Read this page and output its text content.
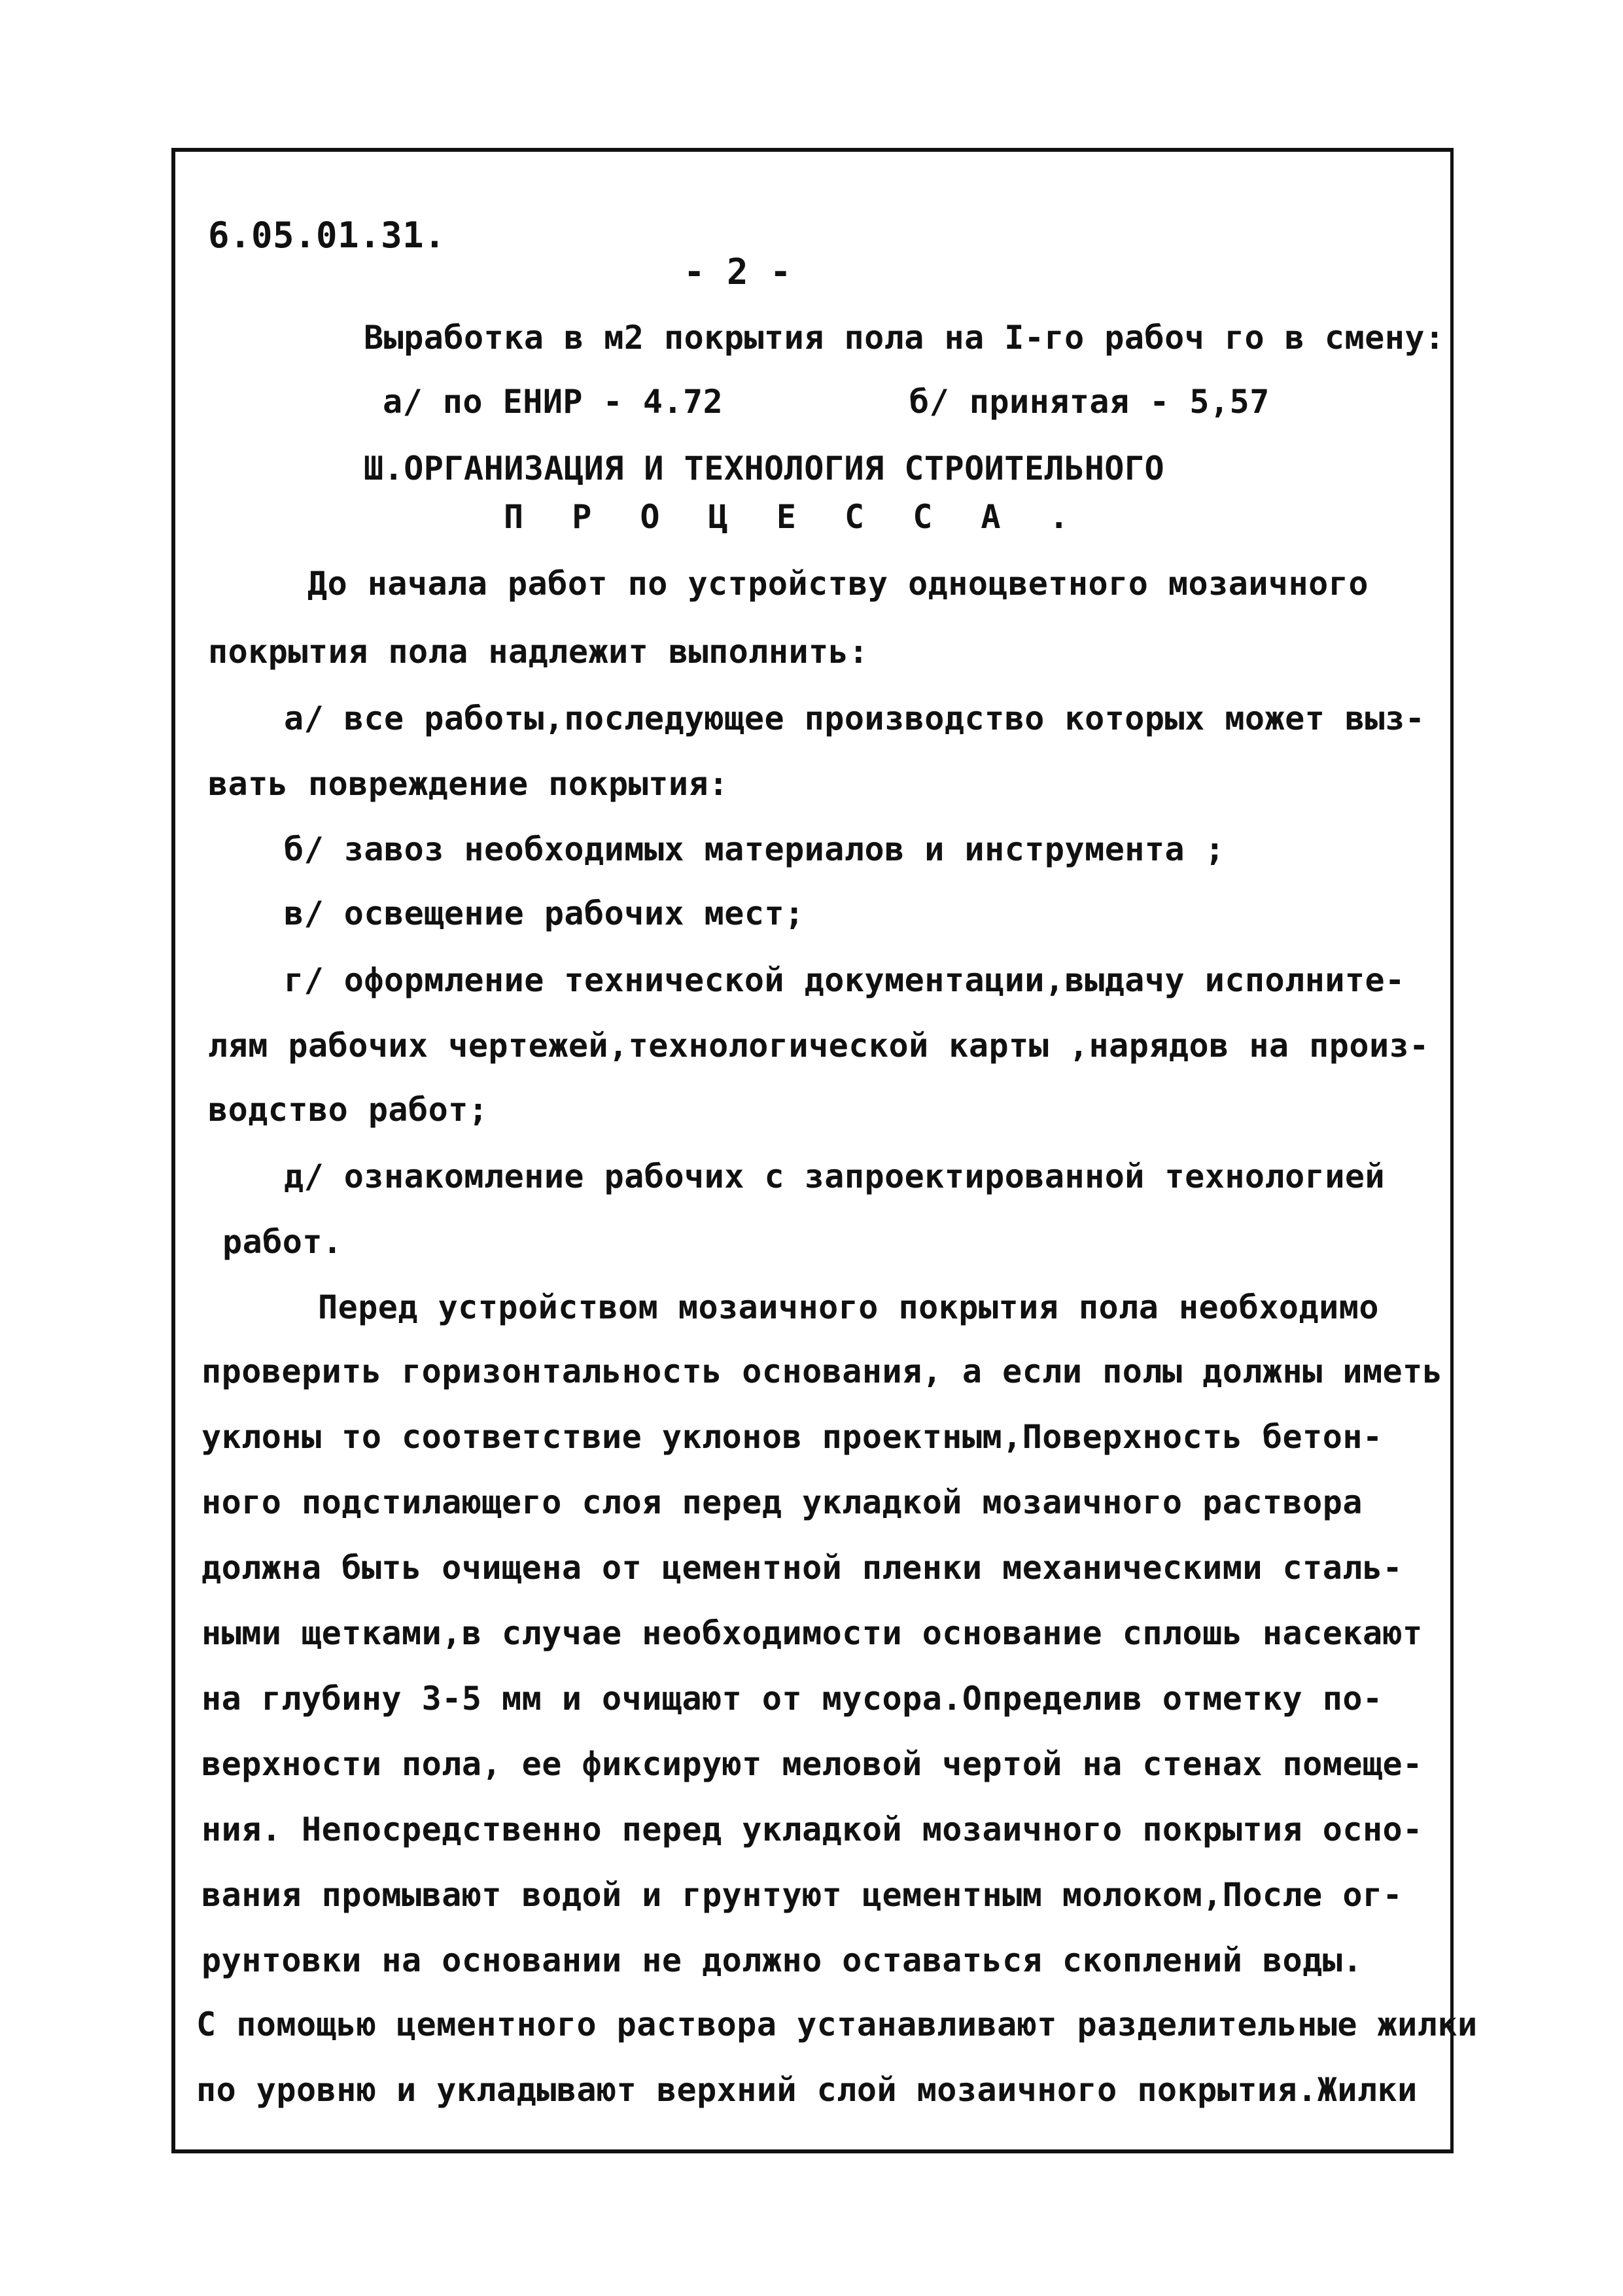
6.05.01.31.
- 2 -
Выработка в м2 покрытия пола на I-го рабоч го в смену:
а/ по ЕНИР - 4.72	б/ принятая - 5,57
Ш.ОРГАНИЗАЦИЯ И ТЕХНОЛОГИЯ СТРОИТЕЛЬНОГО
П Р О Ц Е С С А .
До начала работ по устройству одноцветного мозаичного
покрытия пола надлежит выполнить:
а/ все работы,последующее производство которых может выз-
вать повреждение покрытия:
б/ завоз необходимых материалов и инструмента ;
в/ освещение рабочих мест;
г/ оформление технической документации,выдачу исполните-
лям рабочих чертежей,технологической карты ,нарядов на произ-
водство работ;
д/ ознакомление рабочих с запроектированной технологией
работ.
Перед устройством мозаичного покрытия пола необходимо
проверить горизонтальность основания, а если полы должны иметь
уклоны то соответствие уклонов проектным,Поверхность бетон-
ного подстилающего слоя перед укладкой мозаичного раствора
должна быть очищена от цементной пленки механическими сталь-
ными щетками,в случае необходимости основание сплошь насекают
на глубину 3-5 мм и очищают от мусора.Определив отметку по-
верхности пола, ее фиксируют меловой чертой на стенах помеще-
ния. Непосредственно перед укладкой мозаичного покрытия осно-
вания промывают водой и грунтуют цементным молоком,После ог-
рунтовки на основании не должно оставаться скоплений воды.
С помощью цементного раствора устанавливают разделительные жилки
по уровню и укладывают верхний слой мозаичного покрытия.Жилки
